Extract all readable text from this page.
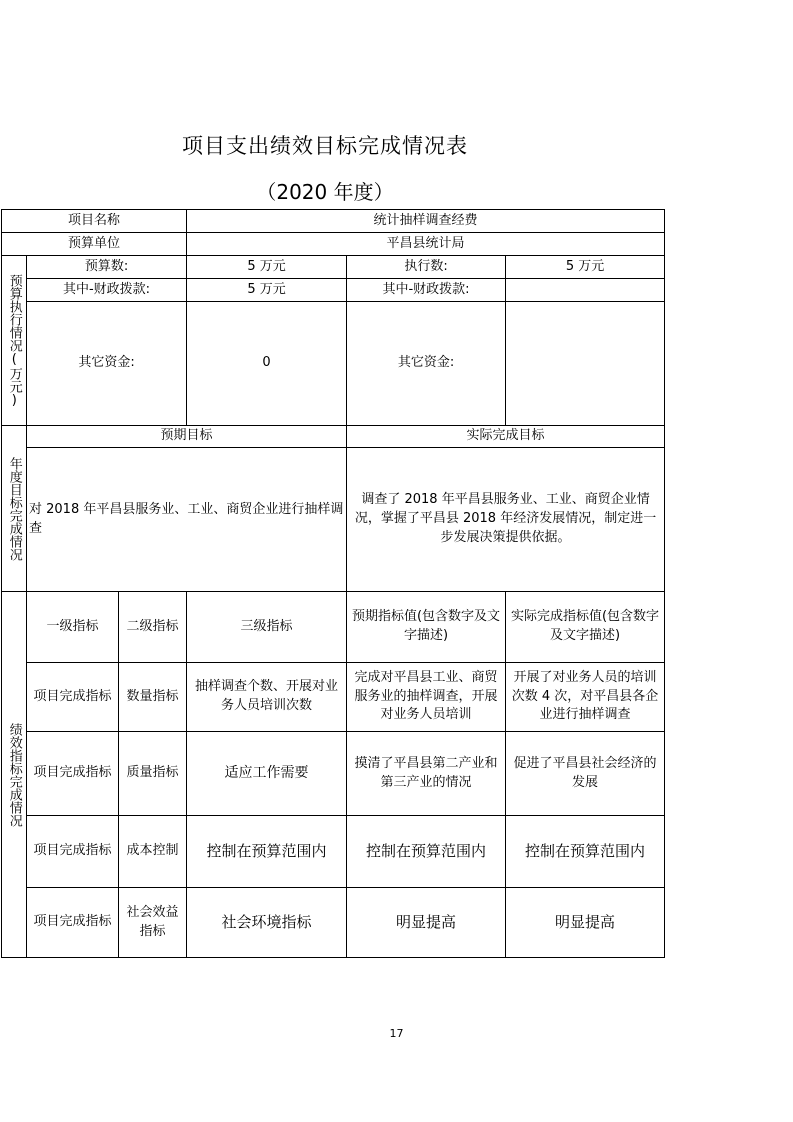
项目支出绩效目标完成情况表
（2020 年度）
项目名称			统计抽样调查经费		
预算单位			平昌县统计局		

预算执行情况(万元)	预算数:		5 万元	执行数:	5 万元
	其中-财政拨款:		5 万元	其中-财政拨款:	
	其它资金:		0	其它资金:	

年度目标完成情况	预期目标			实际完成目标	
	对 2018 年平昌县服务业、工业、商贸企业进行抽样调查			调查了 2018 年平昌县服务业、工业、商贸企业情况，掌握了平昌县 2018 年经济发展情况，制定进一步发展决策提供依据。	

绩效指标完成情况	一级指标	二级指标	三级指标	预期指标值(包含数字及文字描述)	实际完成指标值(包含数字及文字描述)
	项目完成指标	数量指标	抽样调查个数、开展对业务人员培训次数	完成对平昌县工业、商贸服务业的抽样调查，开展对业务人员培训	开展了对业务人员的培训次数 4 次，对平昌县各企业进行抽样调查
	项目完成指标	质量指标	适应工作需要	摸清了平昌县第二产业和第三产业的情况	促进了平昌县社会经济的发展
	项目完成指标	成本控制	控制在预算范围内	控制在预算范围内	控制在预算范围内
	项目完成指标	社会效益指标	社会环境指标	明显提高	明显提高
17
